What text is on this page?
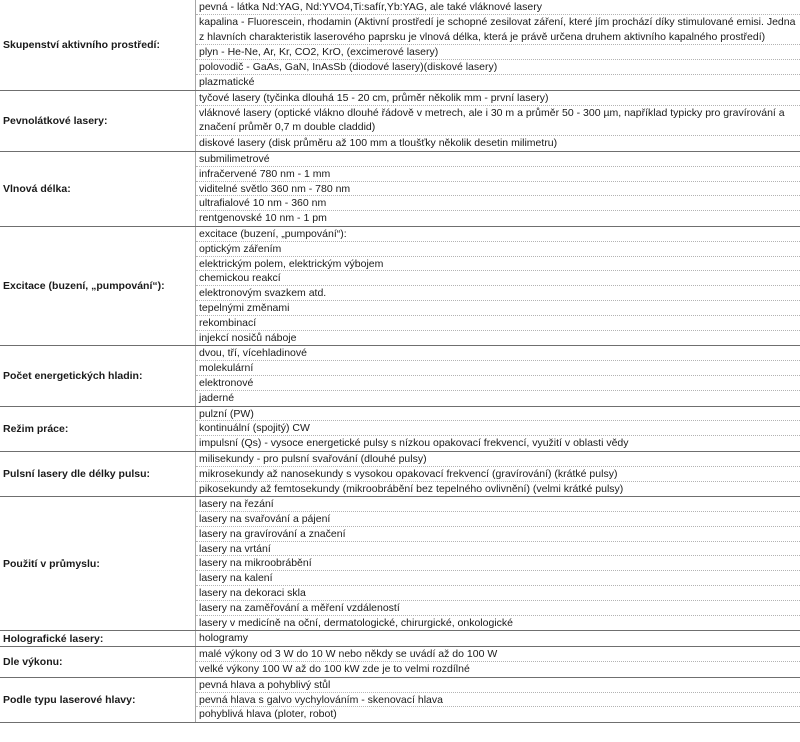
Skupenství aktivního prostředí:
pevná - látka Nd:YAG, Nd:YVO4,Ti:safír,Yb:YAG, ale také vláknové lasery
kapalina - Fluorescein, rhodamin (Aktivní prostředí je schopné zesilovat záření, které jím prochází díky stimulované emisi. Jedna z hlavních charakteristik laserového paprsku je vlnová délka, která je právě určena druhem aktivního kapalného prostředí)
plyn - He-Ne, Ar, Kr, CO2, KrO, (excimerové lasery)
polovodič - GaAs, GaN, InAsSb (diodové lasery)(diskové lasery)
plazmatické
Pevnolátkové lasery:
tyčové lasery (tyčinka dlouhá 15 - 20 cm, průměr několik mm - první lasery)
vláknové lasery (optické vlákno dlouhé řádově v metrech, ale i 30 m a průměr 50 - 300 µm, například typicky pro gravírování a značení průměr 0,7 m double claddid)
diskové lasery (disk průměru až 100 mm a tloušťky několik desetin milimetru)
Vlnová délka:
submilimetrové
infračervené 780 nm - 1 mm
viditelné světlo 360 nm - 780 nm
ultrafialové 10 nm - 360 nm
rentgenovské 10 nm - 1 pm
Excitace (buzení, „pumpování“):
excitace (buzení, „pumpování“):
optickým zářením
elektrickým polem, elektrickým výbojem
chemickou reakcí
elektronovým svazkem atd.
tepelnými změnami
rekombinací
injekcí nosičů náboje
Počet energetických hladin:
dvou, tří, vícehladinové
molekulární
elektronové
jaderné
Režim práce:
pulzní (PW)
kontinuální (spojitý) CW
impulsní (Qs) - vysoce energetické pulsy s nízkou opakovací frekvencí, využití v oblasti vědy
Pulsní lasery dle délky pulsu:
milisekundy - pro pulsní svařování (dlouhé pulsy)
mikrosekundy až nanosekundy s vysokou opakovací frekvencí (gravírování) (krátké pulsy)
pikosekundy až femtosekundy (mikroobrábění bez tepelného ovlivnění) (velmi krátké pulsy)
Použití v průmyslu:
lasery na řezání
lasery na svařování a pájení
lasery na gravírování a značení
lasery na vrtání
lasery na mikroobrábění
lasery na kalení
lasery na dekoraci skla
lasery na zaměřování a měření vzdáleností
lasery v medicíně na oční, dermatologické, chirurgické, onkologické
Holografické lasery:	hologramy
Dle výkonu:
malé výkony od 3 W do 10 W nebo někdy se uvádí až do 100 W
velké výkony 100 W až do 100 kW zde je to velmi rozdílné
Podle typu laserové hlavy:
pevná hlava a pohyblivý stůl
pevná hlava s galvo vychylováním - skenovací hlava
pohyblivá hlava (ploter, robot)
